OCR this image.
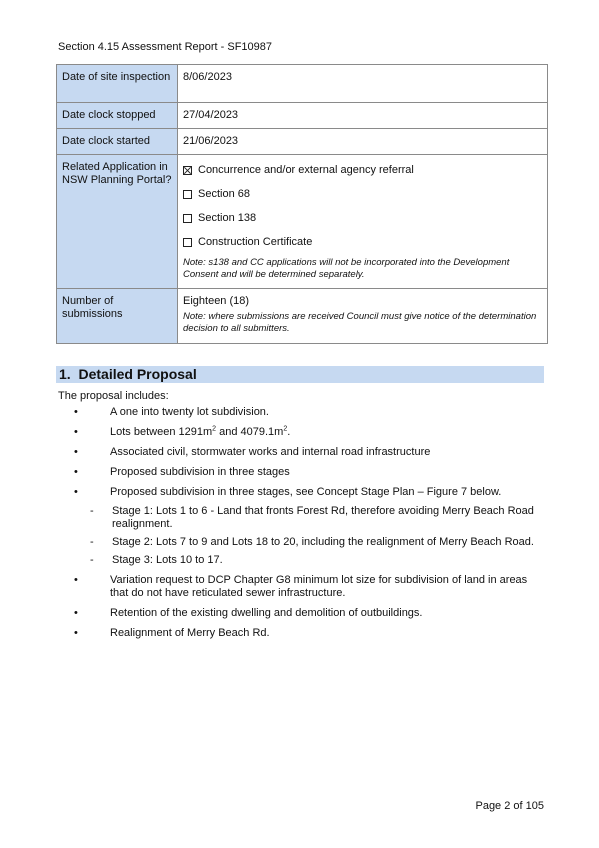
Section 4.15 Assessment Report - SF10987
Date of site inspection	8/06/2023
Date clock stopped	27/04/2023
Date clock started	21/06/2023
Related Application in NSW Planning Portal?	Concurrence and/or external agency referral
Section 68
Section 138
Construction Certificate
Note: s138 and CC applications will not be incorporated into the Development Consent and will be determined separately.

Number of submissions	Eighteen (18)
Note: where submissions are received Council must give notice of the determination decision to all submitters.
1. Detailed Proposal
The proposal includes:
•	A one into twenty lot subdivision.
•	Lots between $1291m^2$ and $4079.1m^2$.
•	Associated civil, stormwater works and internal road infrastructure
•	Proposed subdivision in three stages
•	Proposed subdivision in three stages, see Concept Stage Plan – Figure 7 below.
-	Stage 1: Lots 1 to 6 - Land that fronts Forest Rd, therefore avoiding Merry Beach Road realignment.
-	Stage 2: Lots 7 to 9 and Lots 18 to 20, including the realignment of Merry Beach Road.
-	Stage 3: Lots 10 to 17.
•	Variation request to DCP Chapter G8 minimum lot size for subdivision of land in areas that do not have reticulated sewer infrastructure.
•	Retention of the existing dwelling and demolition of outbuildings.
•	Realignment of Merry Beach Rd.
Page 2 of 105
